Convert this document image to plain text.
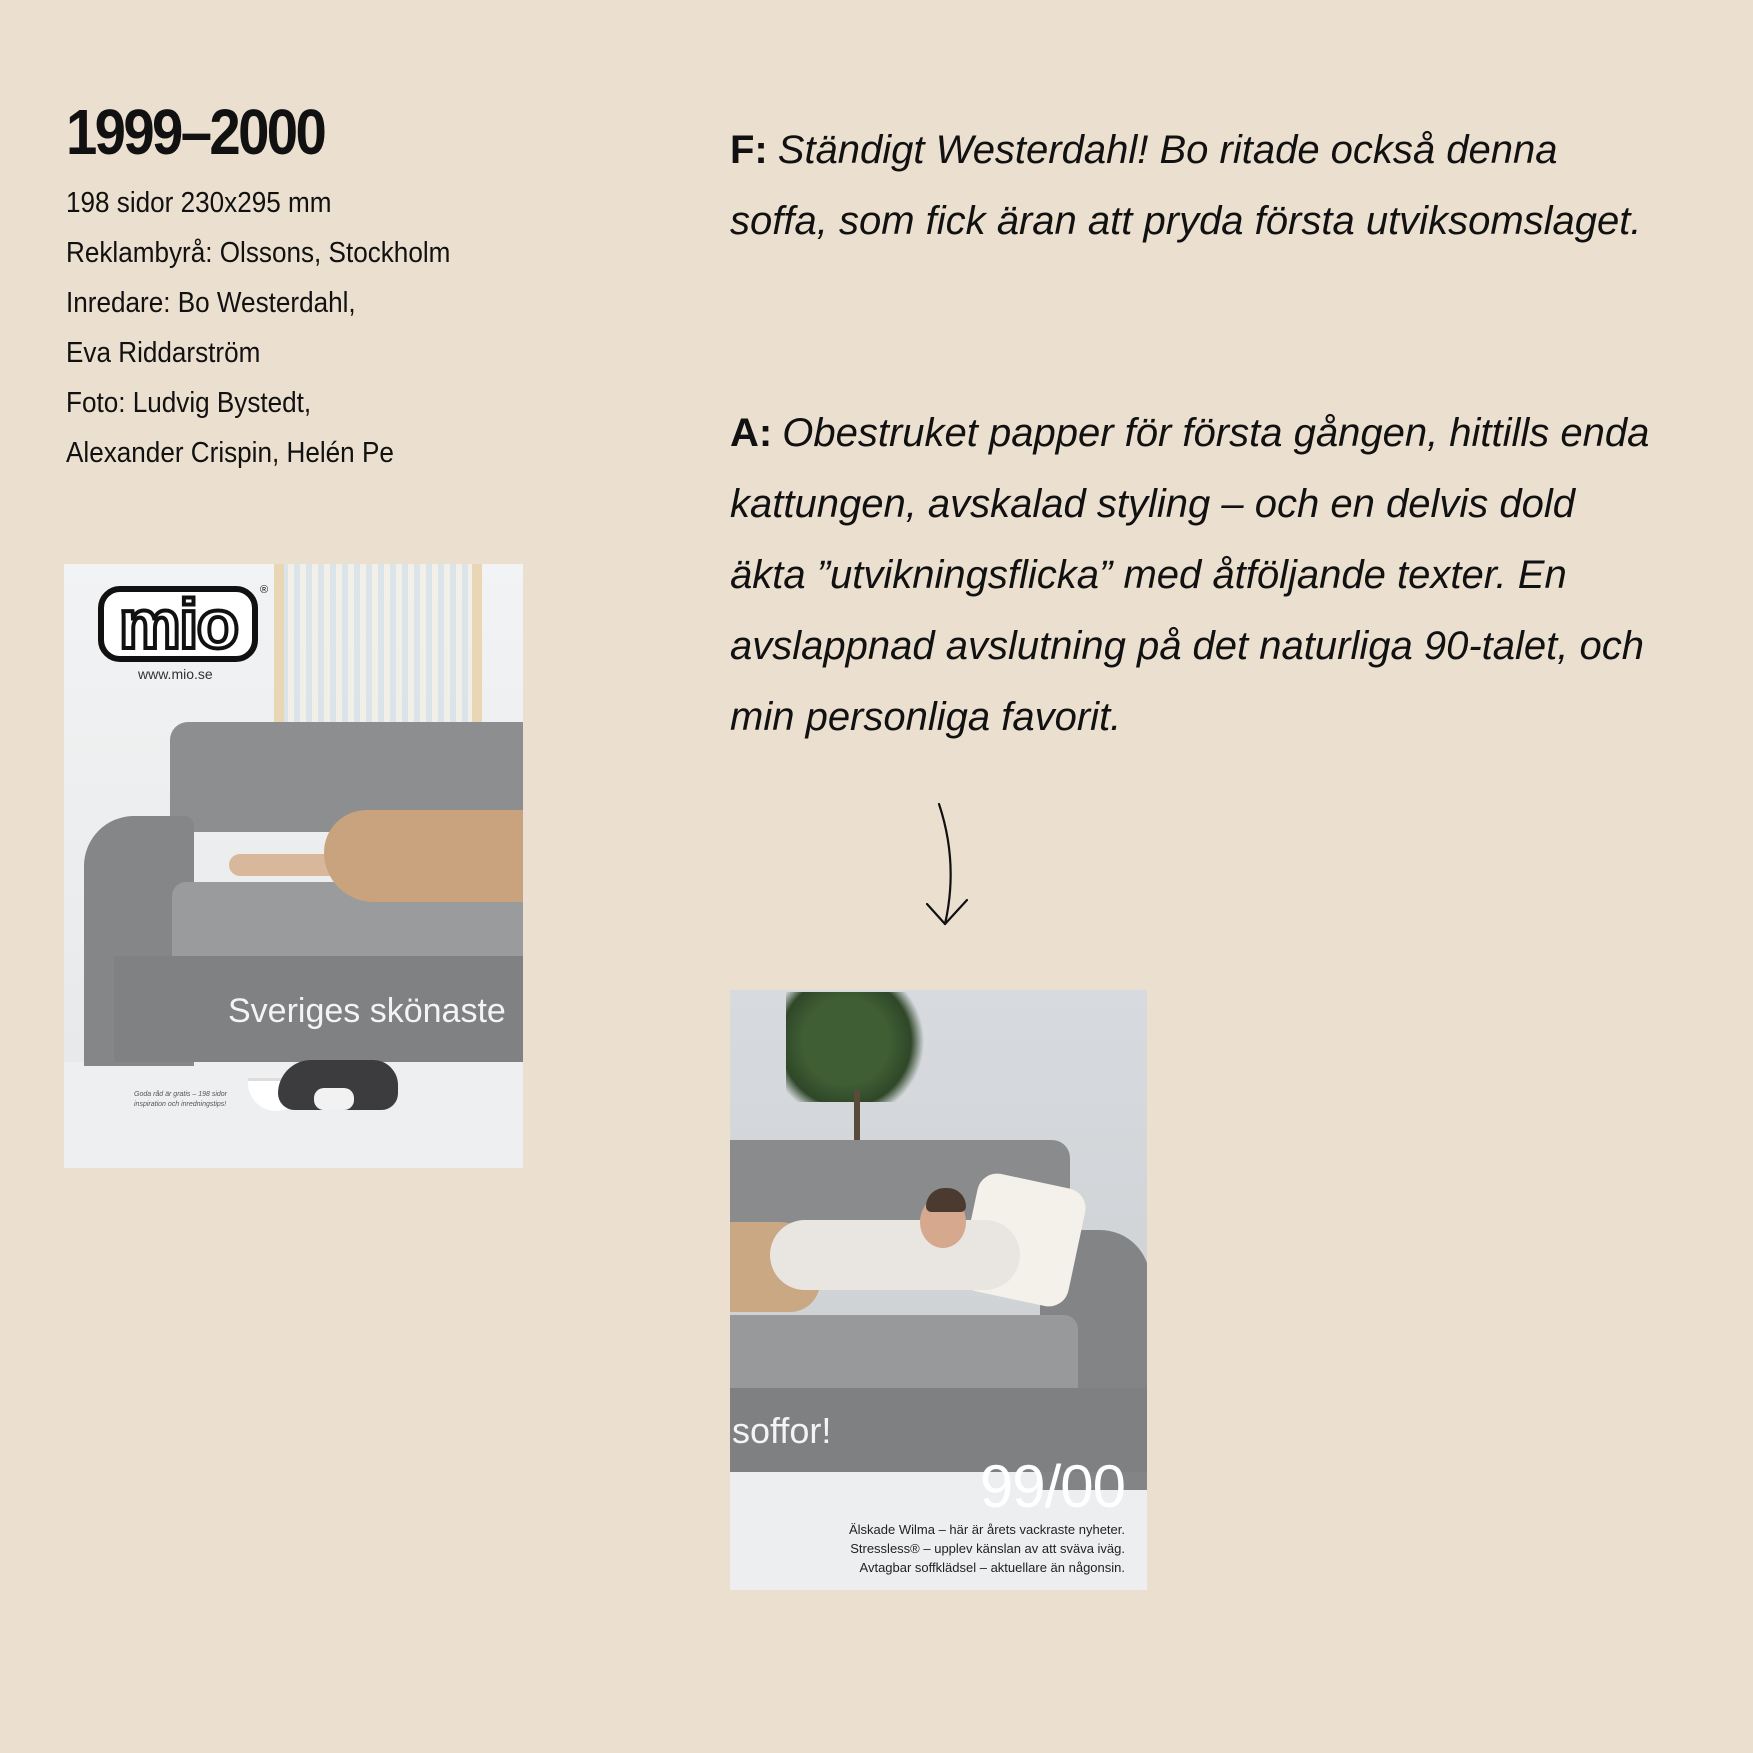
1999–2000
198 sidor 230x295 mm
Reklambyrå: Olssons, Stockholm
Inredare: Bo Westerdahl,
Eva Riddarström
Foto: Ludvig Bystedt,
Alexander Crispin, Helén Pe

F: Ständigt Westerdahl! Bo ritade också denna soffa, som fick äran att pryda första utviksomslaget.

A: Obestruket papper för första gången, hittills enda kattungen, avskalad styling – och en delvis dold äkta ”utvikningsflicka” med åtföljande texter. En avslappnad avslutning på det naturliga 90-talet, och min personliga favorit.

mio	®
www.mio.se
Sveriges skönaste
Goda råd är gratis – 198 sidor inspiration och inredningstips!
soffor!
99/00
Älskade Wilma – här är årets vackraste nyheter.
Stressless® – upplev känslan av att sväva iväg.
Avtagbar soffklädsel – aktuellare än någonsin.
